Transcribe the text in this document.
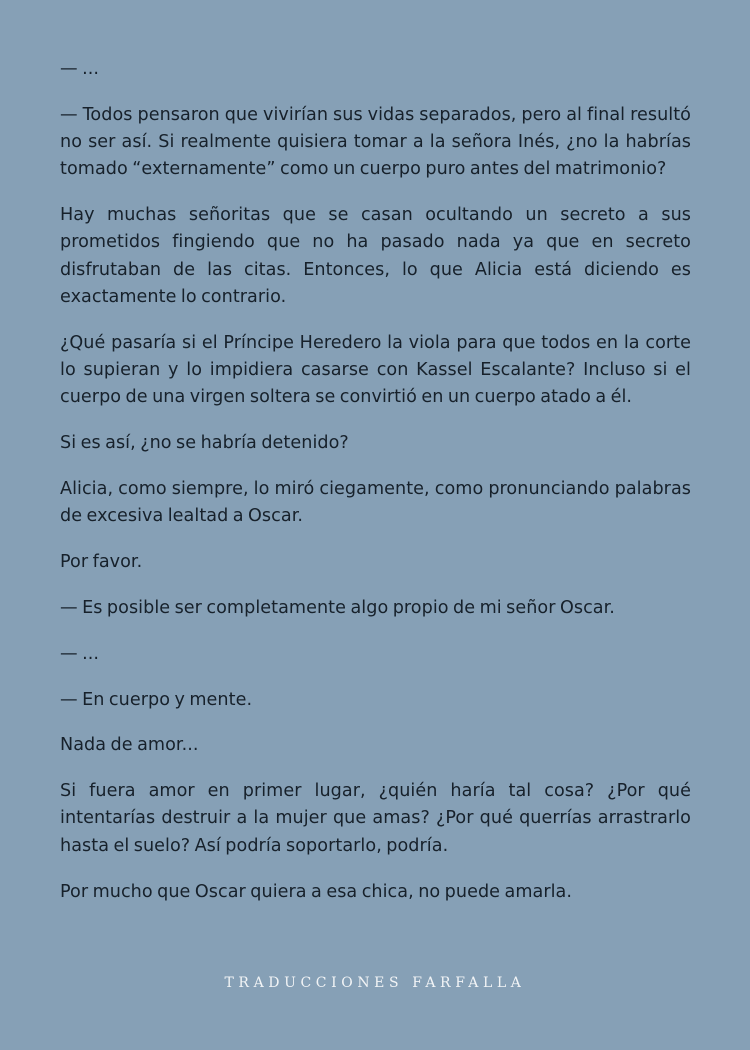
— ...

— Todos pensaron que vivirían sus vidas separados, pero al final resultó no ser así. Si realmente quisiera tomar a la señora Inés, ¿no la habrías tomado “externamente” como un cuerpo puro antes del matrimonio?

Hay muchas señoritas que se casan ocultando un secreto a sus prometidos fingiendo que no ha pasado nada ya que en secreto disfrutaban de las citas. Entonces, lo que Alicia está diciendo es exactamente lo contrario.

¿Qué pasaría si el Príncipe Heredero la viola para que todos en la corte lo supieran y lo impidiera casarse con Kassel Escalante? Incluso si el cuerpo de una virgen soltera se convirtió en un cuerpo atado a él.

Si es así, ¿no se habría detenido?

Alicia, como siempre, lo miró ciegamente, como pronunciando palabras de excesiva lealtad a Oscar.

Por favor.

— Es posible ser completamente algo propio de mi señor Oscar.

— ...

— En cuerpo y mente.

Nada de amor...

Si fuera amor en primer lugar, ¿quién haría tal cosa? ¿Por qué intentarías destruir a la mujer que amas? ¿Por qué querrías arrastrarlo hasta el suelo? Así podría soportarlo, podría.

Por mucho que Oscar quiera a esa chica, no puede amarla.

TRADUCCIONES FARFALLA
